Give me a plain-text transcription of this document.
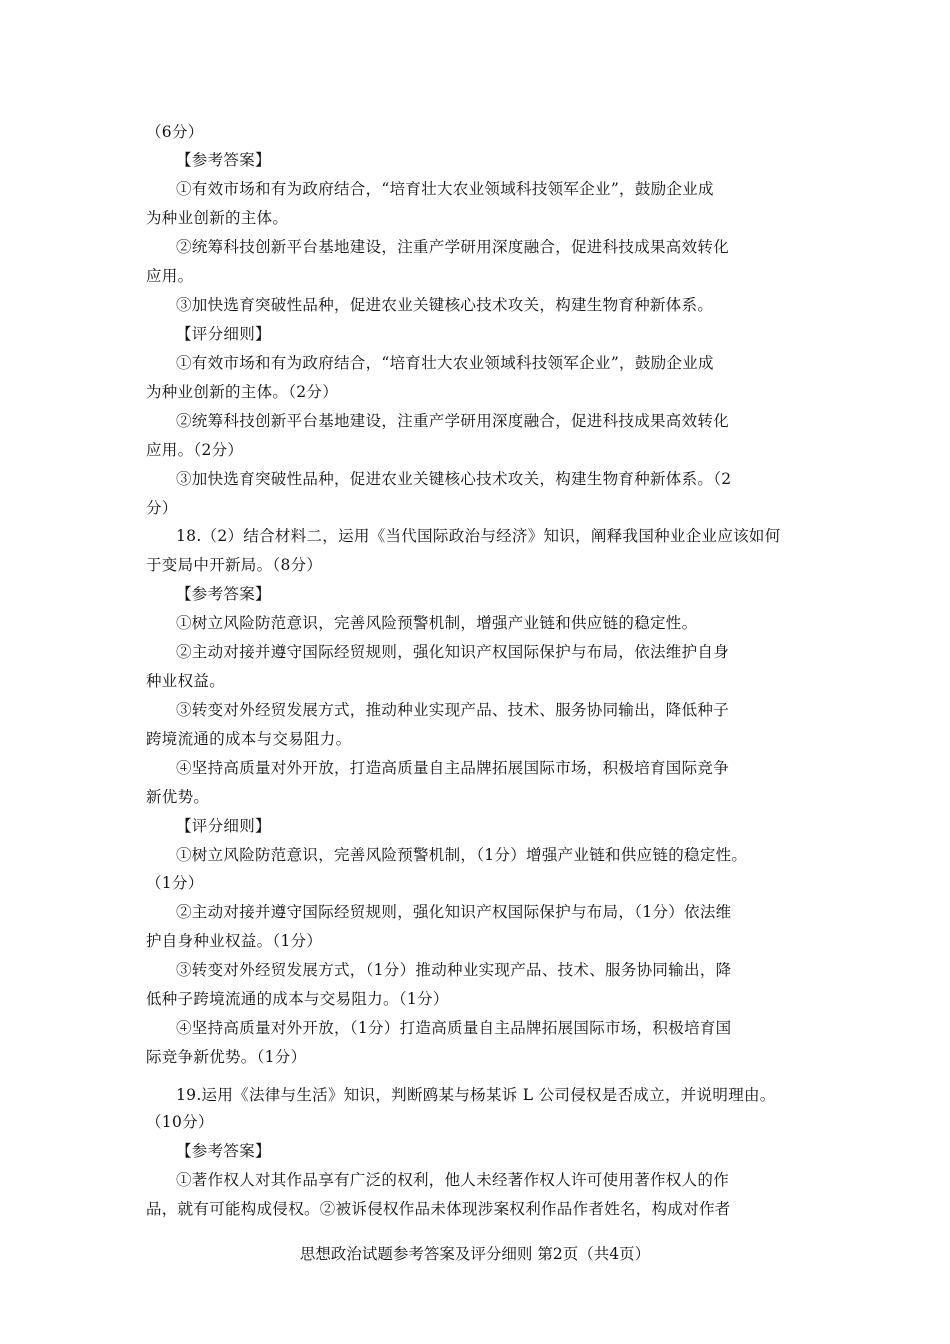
（6分）
【参考答案】
①有效市场和有为政府结合，“培育壮大农业领域科技领军企业”，鼓励企业成
为种业创新的主体。
②统筹科技创新平台基地建设，注重产学研用深度融合，促进科技成果高效转化
应用。
③加快选育突破性品种，促进农业关键核心技术攻关，构建生物育种新体系。
【评分细则】
①有效市场和有为政府结合，“培育壮大农业领域科技领军企业”，鼓励企业成
为种业创新的主体。（2分）
②统筹科技创新平台基地建设，注重产学研用深度融合，促进科技成果高效转化
应用。（2分）
③加快选育突破性品种，促进农业关键核心技术攻关，构建生物育种新体系。（2
分）
18.（2）结合材料二，运用《当代国际政治与经济》知识，阐释我国种业企业应该如何
于变局中开新局。（8分）
【参考答案】
①树立风险防范意识，完善风险预警机制，增强产业链和供应链的稳定性。
②主动对接并遵守国际经贸规则，强化知识产权国际保护与布局，依法维护自身
种业权益。
③转变对外经贸发展方式，推动种业实现产品、技术、服务协同输出，降低种子
跨境流通的成本与交易阻力。
④坚持高质量对外开放，打造高质量自主品牌拓展国际市场，积极培育国际竞争
新优势。
【评分细则】
①树立风险防范意识，完善风险预警机制，（1分）增强产业链和供应链的稳定性。
（1分）
②主动对接并遵守国际经贸规则，强化知识产权国际保护与布局，（1分）依法维
护自身种业权益。（1分）
③转变对外经贸发展方式，（1分）推动种业实现产品、技术、服务协同输出，降
低种子跨境流通的成本与交易阻力。（1分）
④坚持高质量对外开放，（1分）打造高质量自主品牌拓展国际市场，积极培育国
际竞争新优势。（1分）
19.运用《法律与生活》知识，判断鸥某与杨某诉 L 公司侵权是否成立，并说明理由。
（10分）
【参考答案】
①著作权人对其作品享有广泛的权利，他人未经著作权人许可使用著作权人的作
品，就有可能构成侵权。②被诉侵权作品未体现涉案权利作品作者姓名，构成对作者
思想政治试题参考答案及评分细则 第2页（共4页）
